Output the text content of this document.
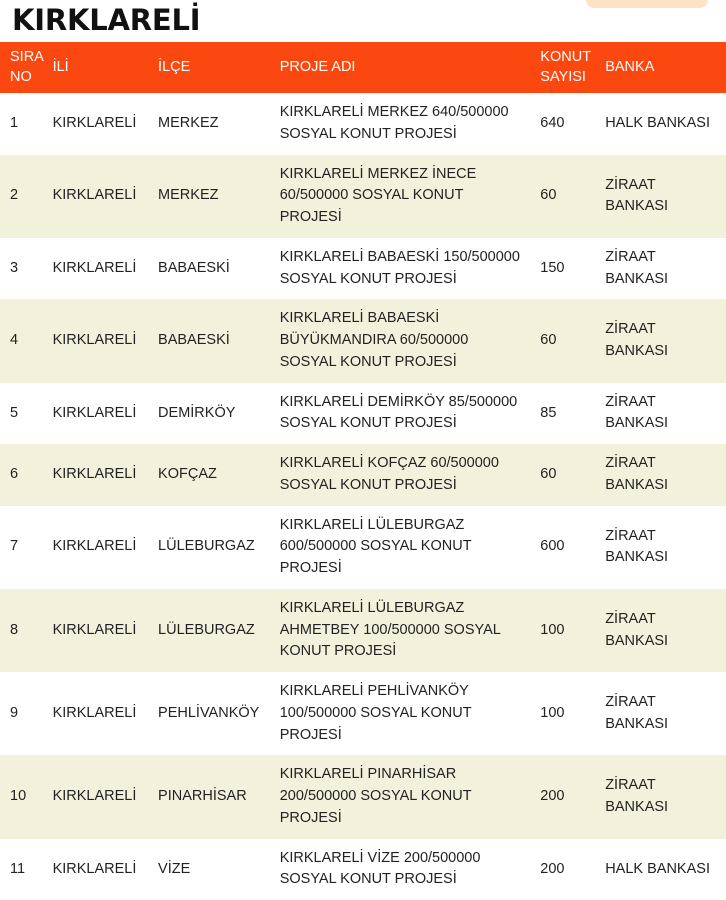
KIRKLARELİ
SIRA NO	İLİ	İLÇE	PROJE ADI	KONUT SAYISI	BANKA
1	KIRKLARELİ	MERKEZ	KIRKLARELİ MERKEZ 640/500000 SOSYAL KONUT PROJESİ	640	HALK BANKASI
2	KIRKLARELİ	MERKEZ	KIRKLARELİ MERKEZ İNECE 60/500000 SOSYAL KONUT PROJESİ	60	ZİRAAT BANKASI
3	KIRKLARELİ	BABAESKİ	KIRKLARELİ BABAESKİ 150/500000 SOSYAL KONUT PROJESİ	150	ZİRAAT BANKASI
4	KIRKLARELİ	BABAESKİ	KIRKLARELİ BABAESKİ BÜYÜKMANDIRA 60/500000 SOSYAL KONUT PROJESİ	60	ZİRAAT BANKASI
5	KIRKLARELİ	DEMİRKÖY	KIRKLARELİ DEMİRKÖY 85/500000 SOSYAL KONUT PROJESİ	85	ZİRAAT BANKASI
6	KIRKLARELİ	KOFÇAZ	KIRKLARELİ KOFÇAZ 60/500000 SOSYAL KONUT PROJESİ	60	ZİRAAT BANKASI
7	KIRKLARELİ	LÜLEBURGAZ	KIRKLARELİ LÜLEBURGAZ 600/500000 SOSYAL KONUT PROJESİ	600	ZİRAAT BANKASI
8	KIRKLARELİ	LÜLEBURGAZ	KIRKLARELİ LÜLEBURGAZ AHMETBEY 100/500000 SOSYAL KONUT PROJESİ	100	ZİRAAT BANKASI
9	KIRKLARELİ	PEHLİVANKÖY	KIRKLARELİ PEHLİVANKÖY 100/500000 SOSYAL KONUT PROJESİ	100	ZİRAAT BANKASI
10	KIRKLARELİ	PINARHİSAR	KIRKLARELİ PINARHİSAR 200/500000 SOSYAL KONUT PROJESİ	200	ZİRAAT BANKASI
11	KIRKLARELİ	VİZE	KIRKLARELİ VİZE 200/500000 SOSYAL KONUT PROJESİ	200	HALK BANKASI
